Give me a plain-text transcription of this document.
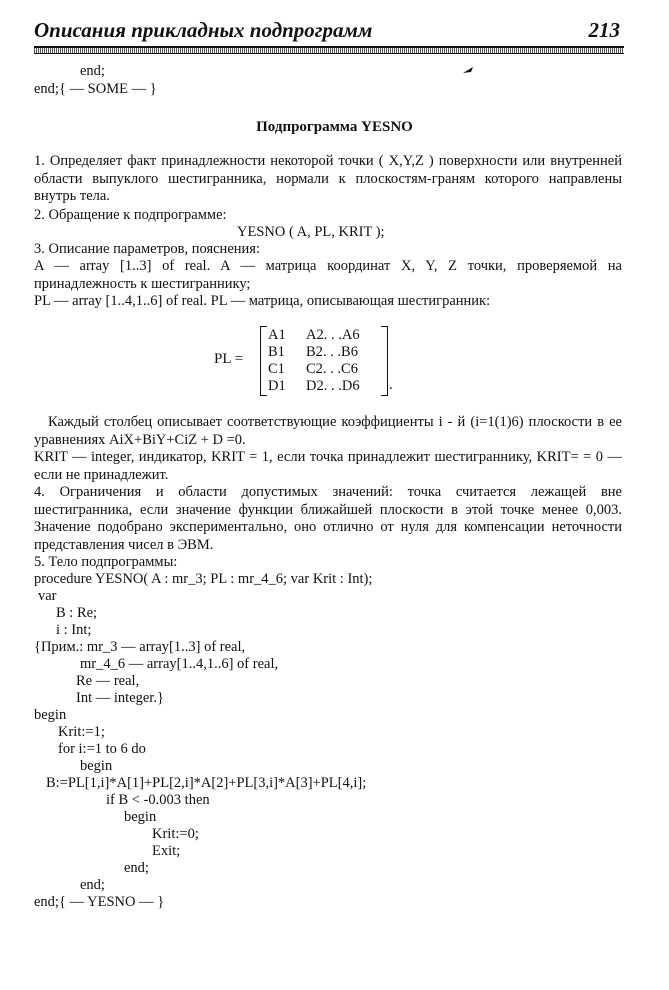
Описания прикладных подпрограмм	213
end;
end;{ — SOME — }
Подпрограмма YESNO
1. Определяет факт принадлежности некоторой точки ( X,Y,Z ) поверхности или внутренней области выпуклого шестигранника, нормали к плоскостям-граням которого направлены внутрь тела.
2. Обращение к подпрограмме:
YESNO ( A, PL, KRIT );
3. Описание параметров, пояснения:
A — array [1..3] of real. A — матрица координат X, Y, Z точки, проверяемой на принадлежность к шестиграннику;
PL — array [1..4,1..6] of real. PL — матрица, описывающая шестигранник:
PL =
A1 A2. . .A6
B1 B2. . .B6
C1 C2. . .C6
D1 D2. . .D6 .
Каждый столбец описывает соответствующие коэффициенты i - й (i=1(1)6) плоскости в ее уравнениях AiX+BiY+CiZ + D =0.
KRIT — integer, индикатор, KRIT = 1, если точка принадлежит шестиграннику, KRIT= = 0 — если не принадлежит.
4. Ограничения и области допустимых значений: точка считается лежащей вне шестигранника, если значение функции ближайшей плоскости в этой точке менее 0,003. Значение подобрано экспериментально, оно отлично от нуля для компенсации неточности представления чисел в ЭВМ.
5. Тело подпрограммы:
procedure YESNO( A : mr_3; PL : mr_4_6; var Krit : Int);
var
B : Re;
i : Int;
{Прим.: mr_3 — array[1..3] of real,
mr_4_6 — array[1..4,1..6] of real,
Re — real,
Int — integer.}
begin
Krit:=1;
for i:=1 to 6 do
begin
B:=PL[1,i]*A[1]+PL[2,i]*A[2]+PL[3,i]*A[3]+PL[4,i];
if B < -0.003 then
begin
Krit:=0;
Exit;
end;
end;
end;{ — YESNO — }
